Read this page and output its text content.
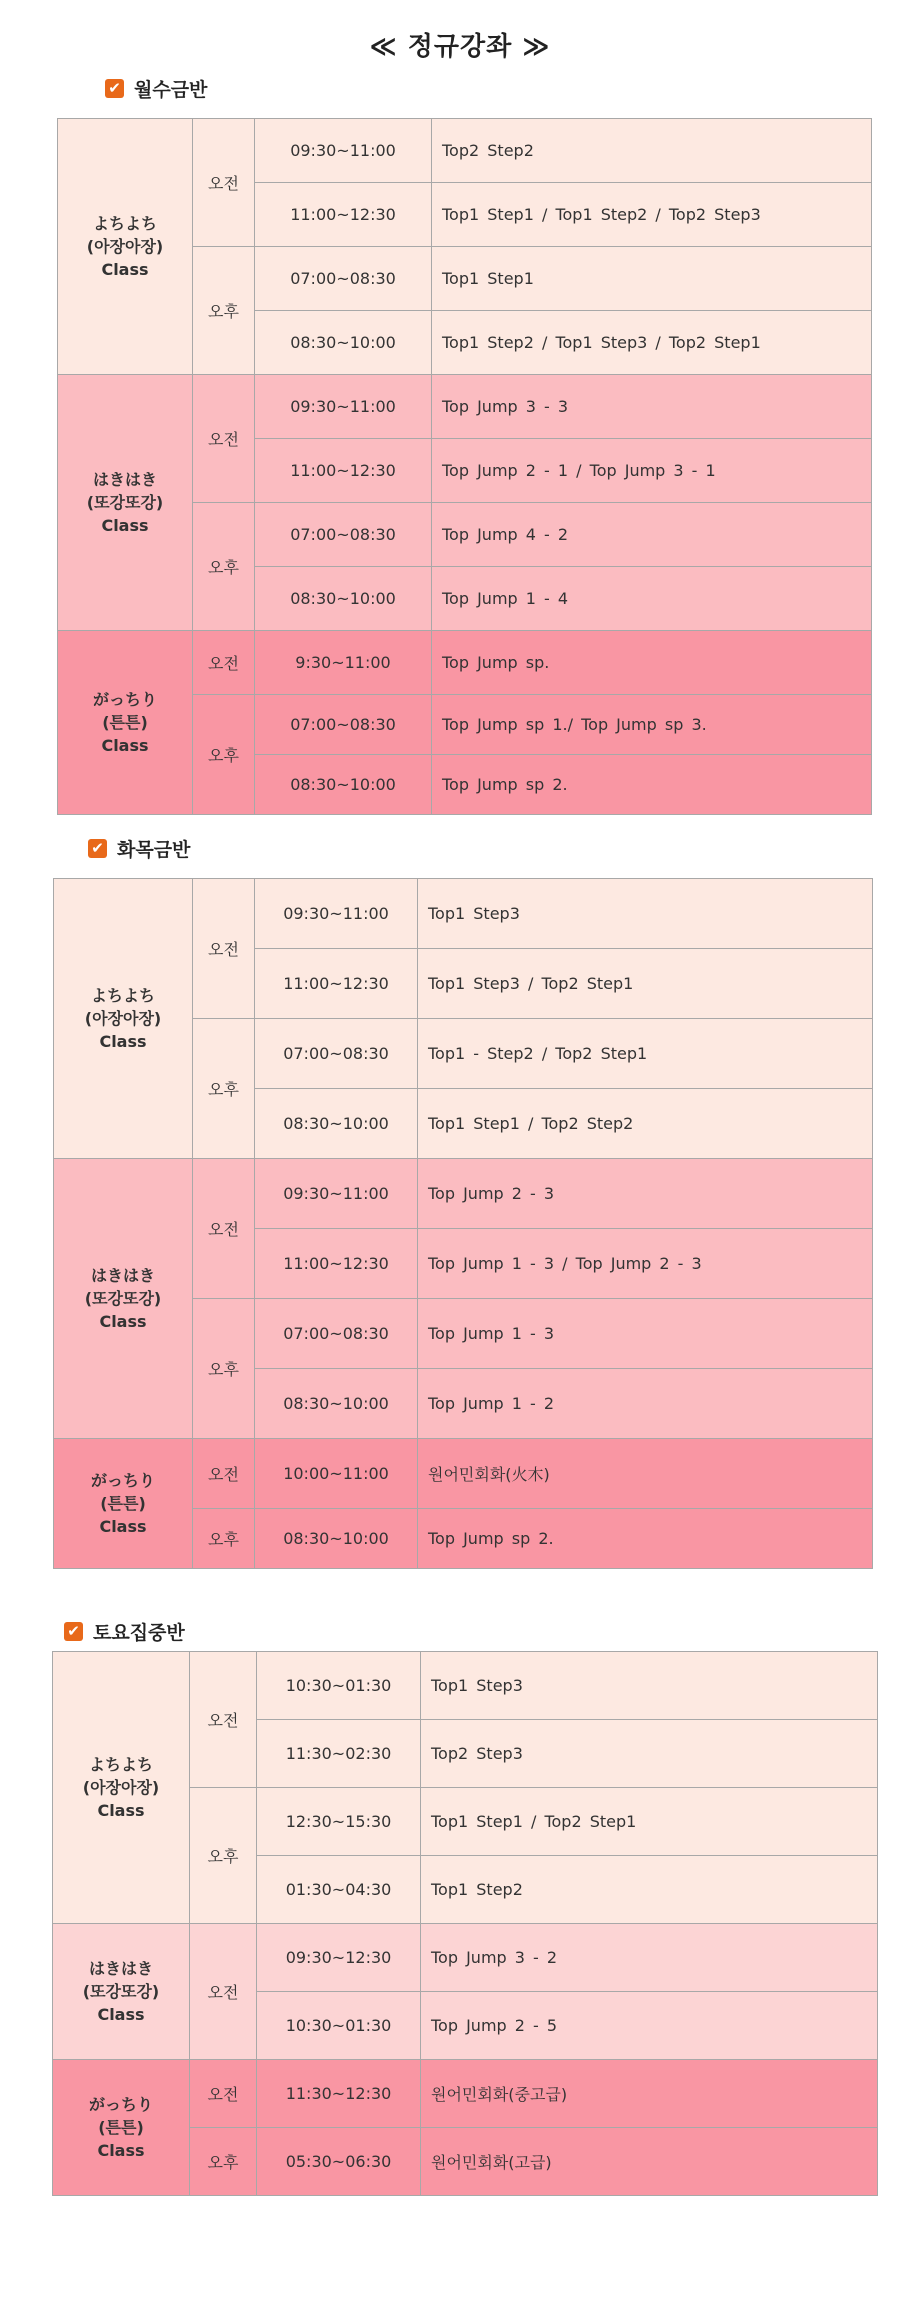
≪ 정규강좌 ≫
✔ 월수금반
よちよち
(아장아장)
Class	오전	09:30~11:00	Top2 Step2
		11:00~12:30	Top1 Step1 / Top1 Step2 / Top2 Step3
	오후	07:00~08:30	Top1 Step1
		08:30~10:00	Top1 Step2 / Top1 Step3 / Top2 Step1

はきはき
(또강또강)
Class	오전	09:30~11:00	Top Jump 3 - 3
		11:00~12:30	Top Jump 2 - 1 / Top Jump 3 - 1
	오후	07:00~08:30	Top Jump 4 - 2
		08:30~10:00	Top Jump 1 - 4

がっちり
(튼튼)
Class	오전	9:30~11:00	Top Jump sp.
	오후	07:00~08:30	Top Jump sp 1./ Top Jump sp 3.
		08:30~10:00	Top Jump sp 2.
✔ 화목금반
よちよち
(아장아장)
Class	오전	09:30~11:00	Top1 Step3
		11:00~12:30	Top1 Step3 / Top2 Step1
	오후	07:00~08:30	Top1 - Step2 / Top2 Step1
		08:30~10:00	Top1 Step1 / Top2 Step2

はきはき
(또강또강)
Class	오전	09:30~11:00	Top Jump 2 - 3
		11:00~12:30	Top Jump 1 - 3 / Top Jump 2 - 3
	오후	07:00~08:30	Top Jump 1 - 3
		08:30~10:00	Top Jump 1 - 2

がっちり
(튼튼)
Class	오전	10:00~11:00	원어민회화(火木)
	오후	08:30~10:00	Top Jump sp 2.
✔ 토요집중반
よちよち
(아장아장)
Class	오전	10:30~01:30	Top1 Step3
		11:30~02:30	Top2 Step3
	오후	12:30~15:30	Top1 Step1 / Top2 Step1
		01:30~04:30	Top1 Step2

はきはき
(또강또강)
Class	오전	09:30~12:30	Top Jump 3 - 2
		10:30~01:30	Top Jump 2 - 5

がっちり
(튼튼)
Class	오전	11:30~12:30	원어민회화(중고급)
	오후	05:30~06:30	원어민회화(고급)
